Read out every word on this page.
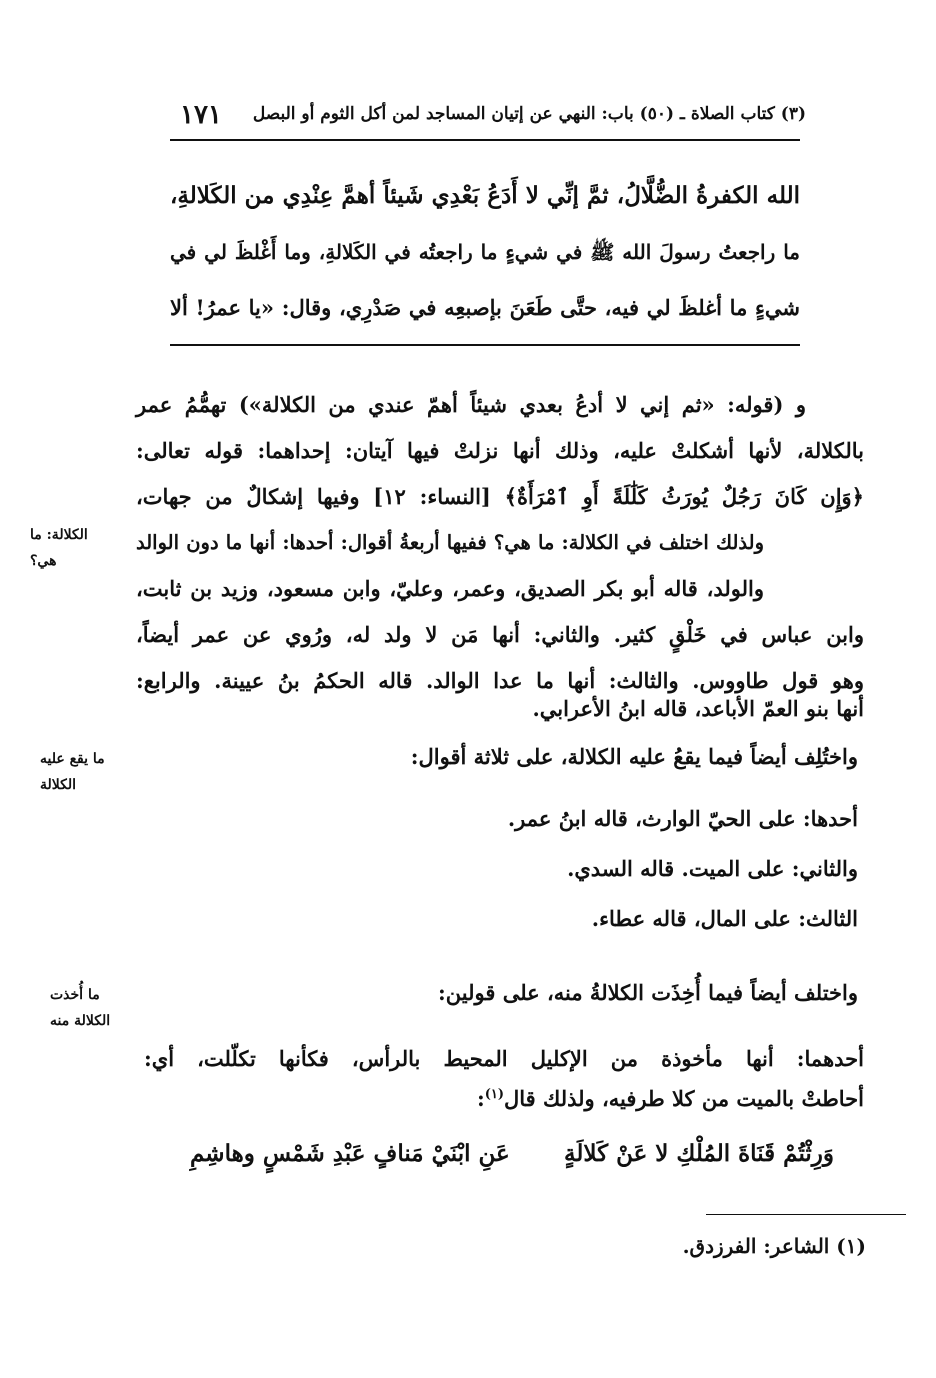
١٧١ (٣) كتاب الصلاة ـ (٥٠) باب: النهي عن إتيان المساجد لمن أكل الثوم أو البصل

الله الكفرةُ الضُّلَّالُ، ثمَّ إنِّي لا أَدَعُ بَعْدِي شَيئاً أهمَّ عِنْدِي من الكَلالةِ،

ما راجعتُ رسولَ الله ﷺ في شيءٍ ما راجعتُه في الكَلالةِ، وما أَغْلظَ لي في

شيءٍ ما أغلظَ لي فيه، حتَّى طَعَنَ بإصبعِه في صَدْرِي، وقال: «يا عمرُ! ألا

و (قوله: «ثم إني لا أدعُ بعدي شيئاً أهمّ عندي من الكلالة») تهمُّمُ عمر
بالكلالة، لأنها أشكلتْ عليه، وذلك أنها نزلتْ فيها آيتان: إحداهما: قوله تعالى:
﴿وَإِن كَانَ رَجُلٌ يُورَثُ كَلَٰلَةً أَوِ ٱمْرَأَةٌ﴾ [النساء: ١٢] وفيها إشكالٌ من جهات،
ولذلك اختلف في الكلالة: ما هي؟ ففيها أربعةُ أقوال: أحدها: أنها ما دون الوالد
والولد، قاله أبو بكر الصديق، وعمر، وعليّ، وابن مسعود، وزيد بن ثابت،
وابن عباس في خَلْقٍ كثير. والثاني: أنها مَن لا ولد له، ورُوي عن عمر أيضاً،
وهو قول طاووس. والثالث: أنها ما عدا الوالد. قاله الحكمُ بنُ عيينة. والرابع:
أنها بنو العمّ الأباعد، قاله ابنُ الأعرابي.
الكلالة: ما
هي؟
واختُلِف أيضاً فيما يقعُ عليه الكلالة، على ثلاثة أقوال:
ما يقع عليه
الكلالة
أحدها: على الحيّ الوارث، قاله ابنُ عمر.
والثاني: على الميت. قاله السدي.
الثالث: على المال، قاله عطاء.
واختلف أيضاً فيما أُخِذَت الكلالةُ منه، على قولين:
ما أُخذت
الكلالة منه
أحدهما: أنها مأخوذة من الإكليل المحيط بالرأس، فكأنها تكلّلت، أي:
أحاطتْ بالميت من كلا طرفيه، ولذلك قال$^{(١)}$:
وَرِثْتُمْ قَنَاةَ المُلْكِ لا عَنْ كَلالَةٍ
عَنِ ابْنَيْ مَنافٍ عَبْدِ شَمْسٍ وهاشِمِ
(١) الشاعر: الفرزدق.
